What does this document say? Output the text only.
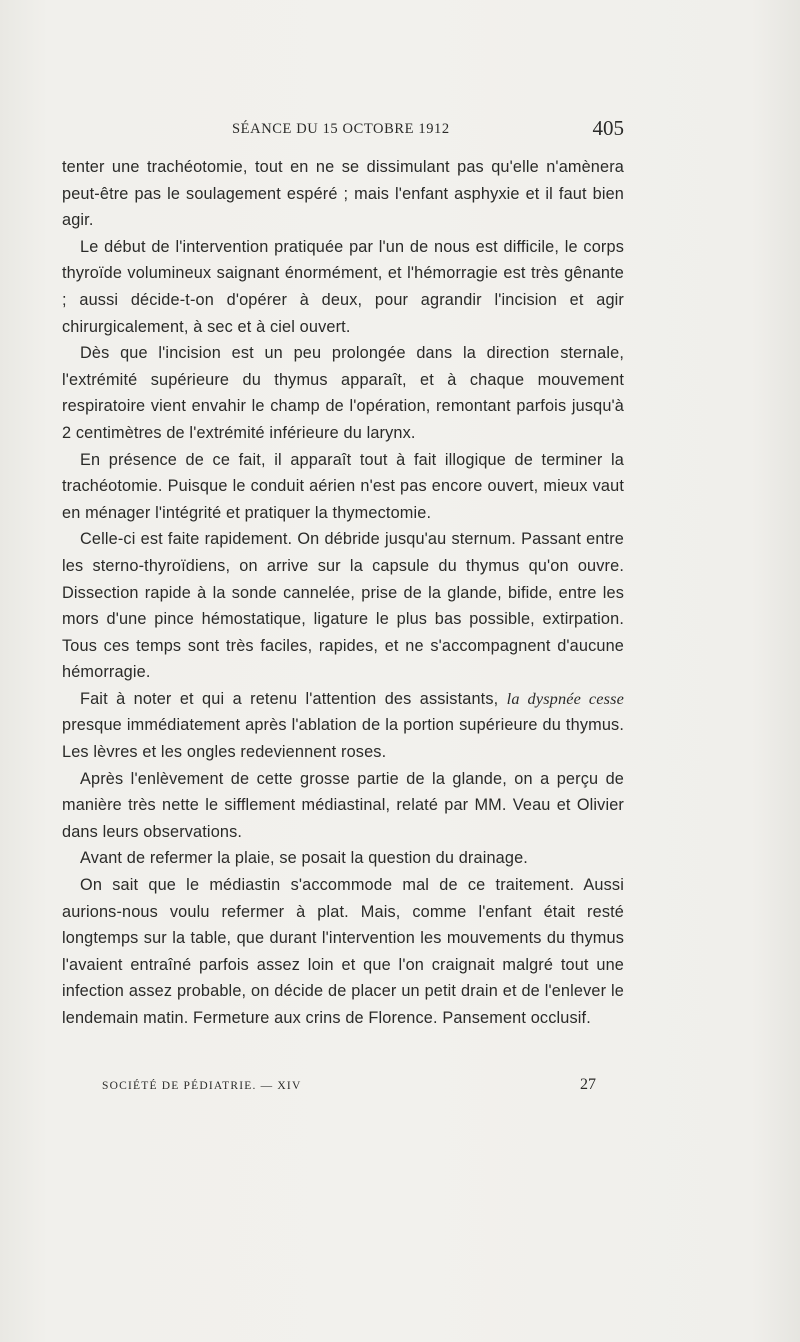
SÉANCE DU 15 OCTOBRE 1912	405

tenter une trachéotomie, tout en ne se dissimulant pas qu'elle n'amènera peut-être pas le soulagement espéré ; mais l'enfant asphyxie et il faut bien agir.

Le début de l'intervention pratiquée par l'un de nous est difficile, le corps thyroïde volumineux saignant énormément, et l'hémorragie est très gênante ; aussi décide-t-on d'opérer à deux, pour agrandir l'incision et agir chirurgicalement, à sec et à ciel ouvert.

Dès que l'incision est un peu prolongée dans la direction sternale, l'extrémité supérieure du thymus apparaît, et à chaque mouvement respiratoire vient envahir le champ de l'opération, remontant parfois jusqu'à 2 centimètres de l'extrémité inférieure du larynx.

En présence de ce fait, il apparaît tout à fait illogique de terminer la trachéotomie. Puisque le conduit aérien n'est pas encore ouvert, mieux vaut en ménager l'intégrité et pratiquer la thymectomie.

Celle-ci est faite rapidement. On débride jusqu'au sternum. Passant entre les sterno-thyroïdiens, on arrive sur la capsule du thymus qu'on ouvre. Dissection rapide à la sonde cannelée, prise de la glande, bifide, entre les mors d'une pince hémostatique, ligature le plus bas possible, extirpation. Tous ces temps sont très faciles, rapides, et ne s'accompagnent d'aucune hémorragie.

Fait à noter et qui a retenu l'attention des assistants, la dyspnée cesse presque immédiatement après l'ablation de la portion supérieure du thymus. Les lèvres et les ongles redeviennent roses.

Après l'enlèvement de cette grosse partie de la glande, on a perçu de manière très nette le sifflement médiastinal, relaté par MM. Veau et Olivier dans leurs observations.

Avant de refermer la plaie, se posait la question du drainage.

On sait que le médiastin s'accommode mal de ce traitement. Aussi aurions-nous voulu refermer à plat. Mais, comme l'enfant était resté longtemps sur la table, que durant l'intervention les mouvements du thymus l'avaient entraîné parfois assez loin et que l'on craignait malgré tout une infection assez probable, on décide de placer un petit drain et de l'enlever le lendemain matin. Fermeture aux crins de Florence. Pansement occlusif.

SOCIÉTÉ DE PÉDIATRIE. — XIV	27
